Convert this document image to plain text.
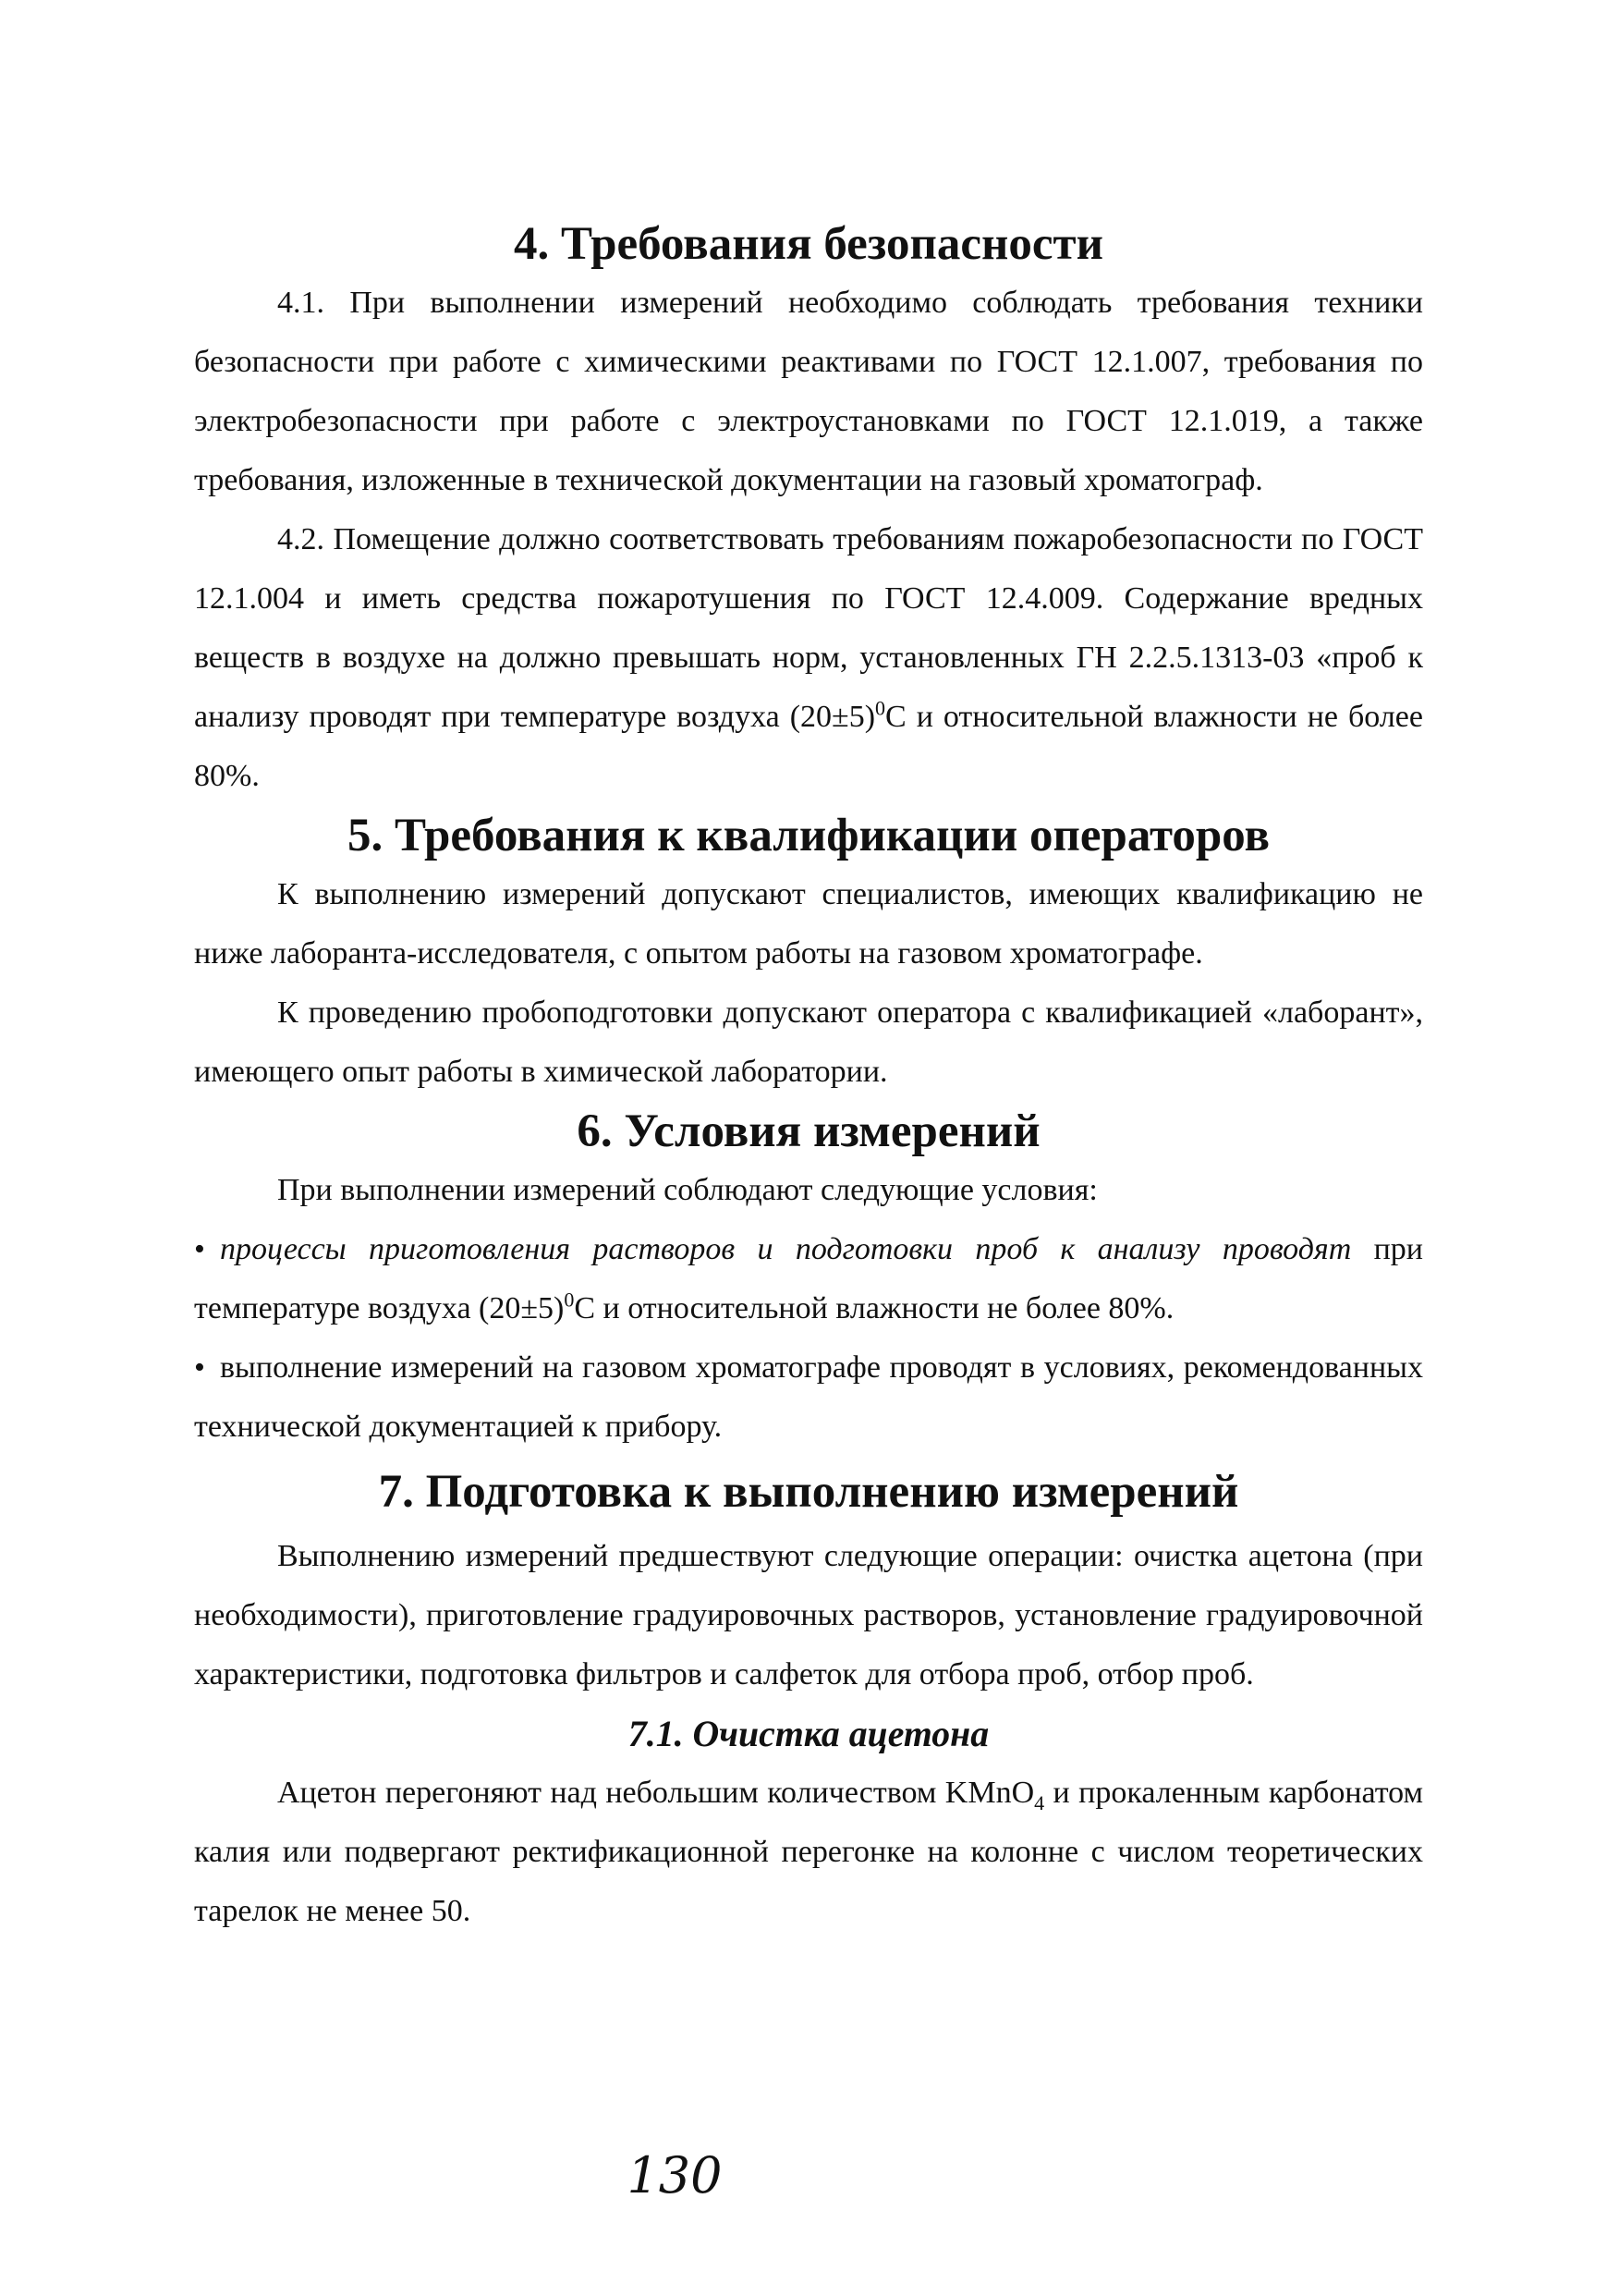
4. Требования безопасности

4.1. При выполнении измерений необходимо соблюдать требования техники безопасности при работе с химическими реактивами по ГОСТ 12.1.007, требования по электробезопасности при работе с электроустановками по ГОСТ 12.1.019, а также требования, изложенные в технической документации на газовый хроматограф.

4.2. Помещение должно соответствовать требованиям пожаробезопасности по ГОСТ 12.1.004 и иметь средства пожаротушения по ГОСТ 12.4.009. Содержание вредных веществ в воздухе на должно превышать норм, установленных ГН 2.2.5.1313-03 «проб к анализу проводят при температуре воздуха $(20\pm 5)^0С$ и относительной влажности не более 80%.

5. Требования к квалификации операторов

К выполнению измерений допускают специалистов, имеющих квалификацию не ниже лаборанта-исследователя, с опытом работы на газовом хроматографе.

К проведению пробоподготовки допускают оператора с квалификацией «лаборант», имеющего опыт работы в химической лаборатории.

6. Условия измерений

При выполнении измерений соблюдают следующие условия:

• процессы приготовления растворов и подготовки проб к анализу проводят при температуре воздуха $(20\pm 5)^0С$ и относительной влажности не более 80%.

• выполнение измерений на газовом хроматографе проводят в условиях, рекомендованных технической документацией к прибору.

7. Подготовка к выполнению измерений

Выполнению измерений предшествуют следующие операции: очистка ацетона (при необходимости), приготовление градуировочных растворов, установление градуировочной характеристики, подготовка фильтров и салфеток для отбора проб, отбор проб.

7.1. Очистка ацетона

Ацетон перегоняют над небольшим количеством KMnO$_4$ и прокаленным карбонатом калия или подвергают ректификационной перегонке на колонне с числом теоретических тарелок не менее 50.

130
